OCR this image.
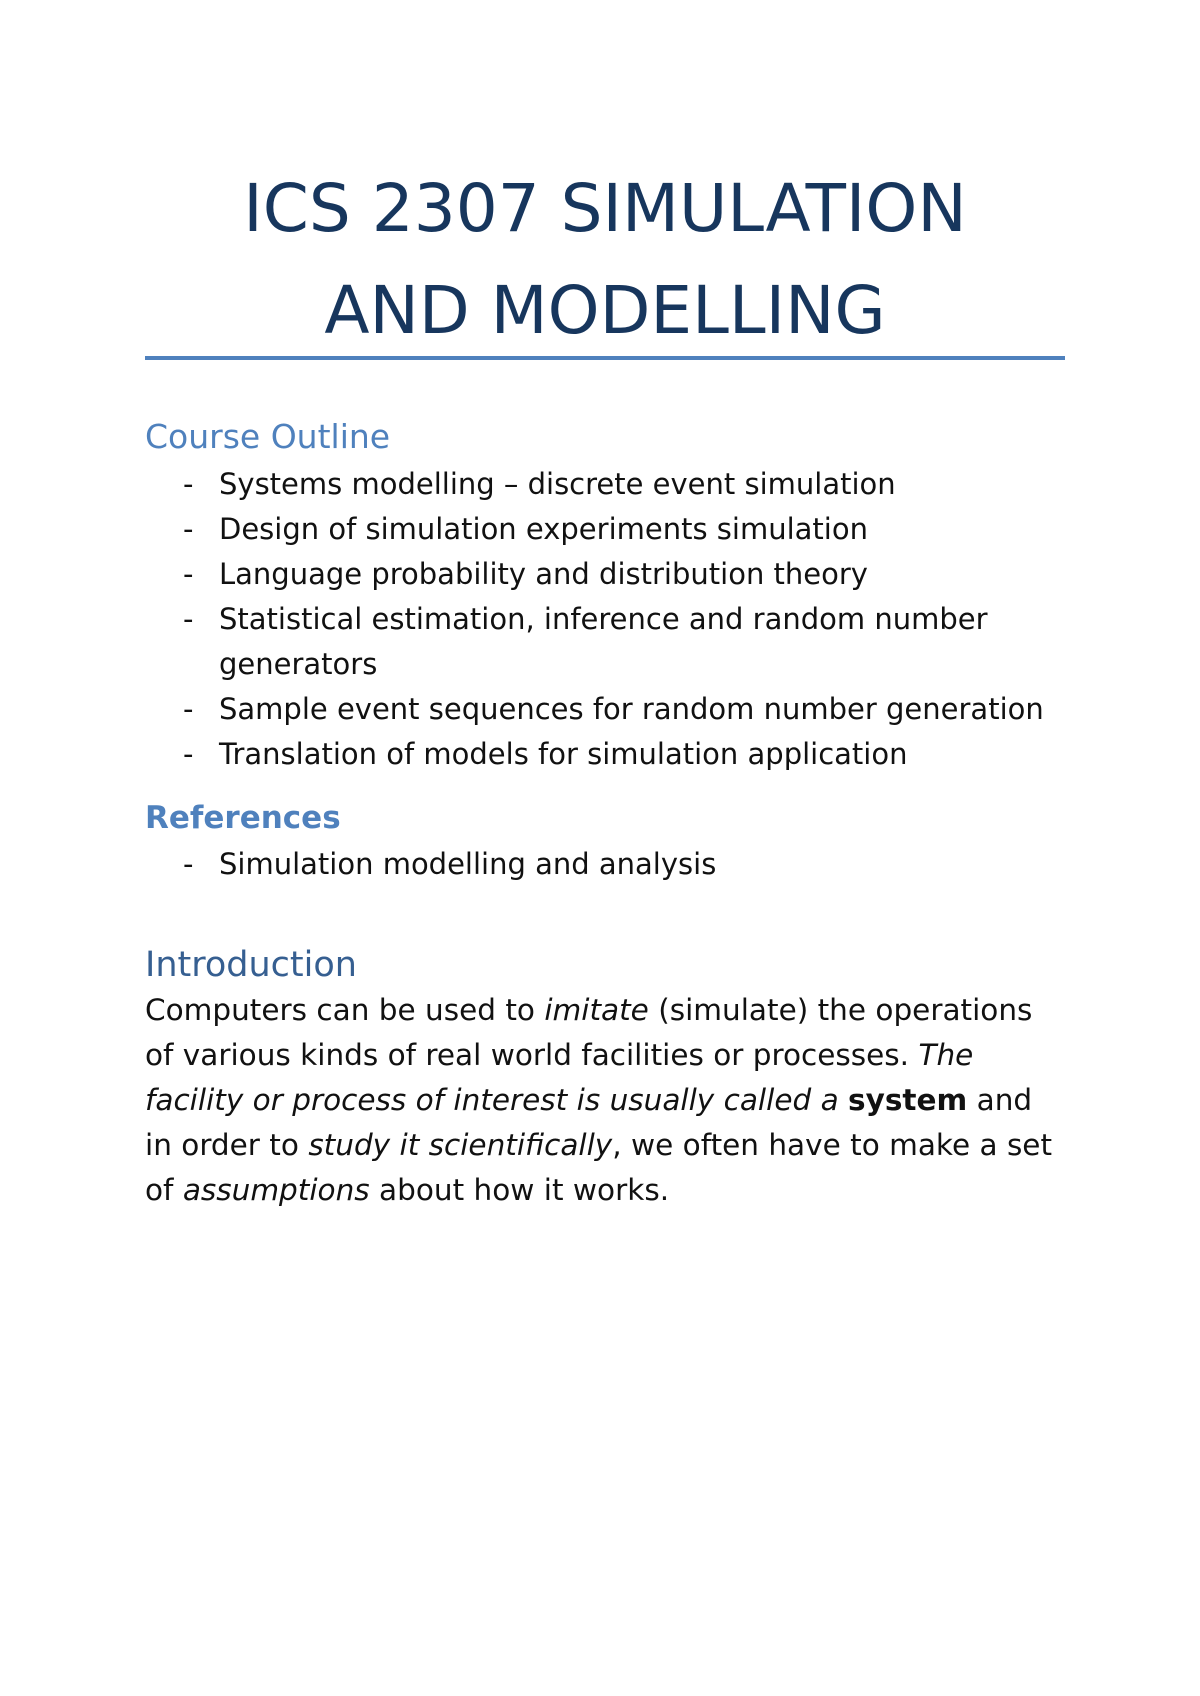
ICS 2307 SIMULATION
AND MODELLING
Course Outline
- Systems modelling – discrete event simulation
- Design of simulation experiments simulation
- Language probability and distribution theory
- Statistical estimation, inference and random number generators
- Sample event sequences for random number generation
- Translation of models for simulation application
References
- Simulation modelling and analysis
Introduction

Computers can be used to imitate (simulate) the operations of various kinds of real world facilities or processes. The facility or process of interest is usually called a system and in order to study it scientifically, we often have to make a set of assumptions about how it works.
